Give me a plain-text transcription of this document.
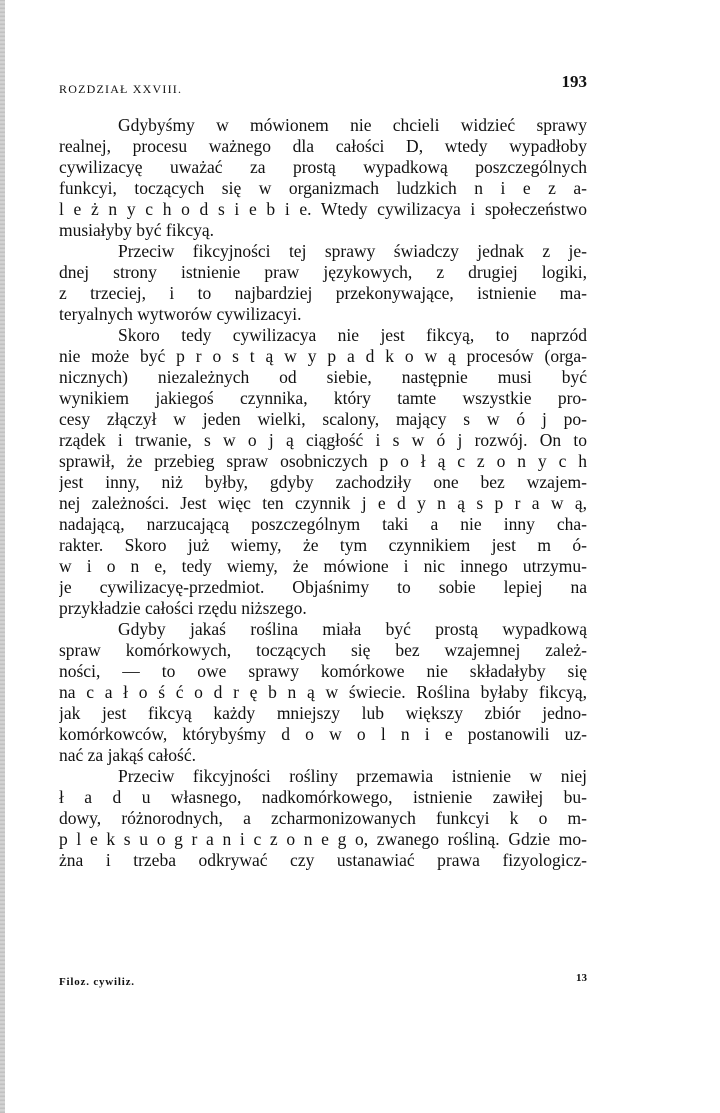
ROZDZIAŁ XXVIII.	193
Gdybyśmy w mówionem nie chcieli widzieć sprawy
realnej, procesu ważnego dla całości D, wtedy wypadłoby
cywilizacyę uważać za prostą wypadkową poszczególnych
funkcyi, toczących się w organizmach ludzkich n i e z a-
l e ż n y c h o d s i e b i e. Wtedy cywilizacya i społeczeństwo
musiałyby być fikcyą.
Przeciw fikcyjności tej sprawy świadczy jednak z je-
dnej strony istnienie praw językowych, z drugiej logiki,
z trzeciej, i to najbardziej przekonywające, istnienie ma-
teryalnych wytworów cywilizacyi.
Skoro tedy cywilizacya nie jest fikcyą, to naprzód
nie może być p r o s t ą w y p a d k o w ą procesów (orga-
nicznych) niezależnych od siebie, następnie musi być
wynikiem jakiegoś czynnika, który tamte wszystkie pro-
cesy złączył w jeden wielki, scalony, mający s w ó j po-
rządek i trwanie, s w o j ą ciągłość i s w ó j rozwój. On to
sprawił, że przebieg spraw osobniczych p o ł ą c z o n y c h
jest inny, niż byłby, gdyby zachodziły one bez wzajem-
nej zależności. Jest więc ten czynnik j e d y n ą s p r a w ą,
nadającą, narzucającą poszczególnym taki a nie inny cha-
rakter. Skoro już wiemy, że tym czynnikiem jest m ó-
w i o n e, tedy wiemy, że mówione i nic innego utrzymu-
je cywilizacyę-przedmiot. Objaśnimy to sobie lepiej na
przykładzie całości rzędu niższego.
Gdyby jakaś roślina miała być prostą wypadkową
spraw komórkowych, toczących się bez wzajemnej zależ-
ności, — to owe sprawy komórkowe nie składałyby się
na c a ł o ś ć o d r ę b n ą w świecie. Roślina byłaby fikcyą,
jak jest fikcyą każdy mniejszy lub większy zbiór jedno-
komórkowców, którybyśmy d o w o l n i e postanowili uz-
nać za jakąś całość.
Przeciw fikcyjności rośliny przemawia istnienie w niej
ł a d u własnego, nadkomórkowego, istnienie zawiłej bu-
dowy, różnorodnych, a zcharmonizowanych funkcyi k o m-
p l e k s u o g r a n i c z o n e g o, zwanego rośliną. Gdzie mo-
żna i trzeba odkrywać czy ustanawiać prawa fizyologicz-
Filoz. cywiliz.	13
